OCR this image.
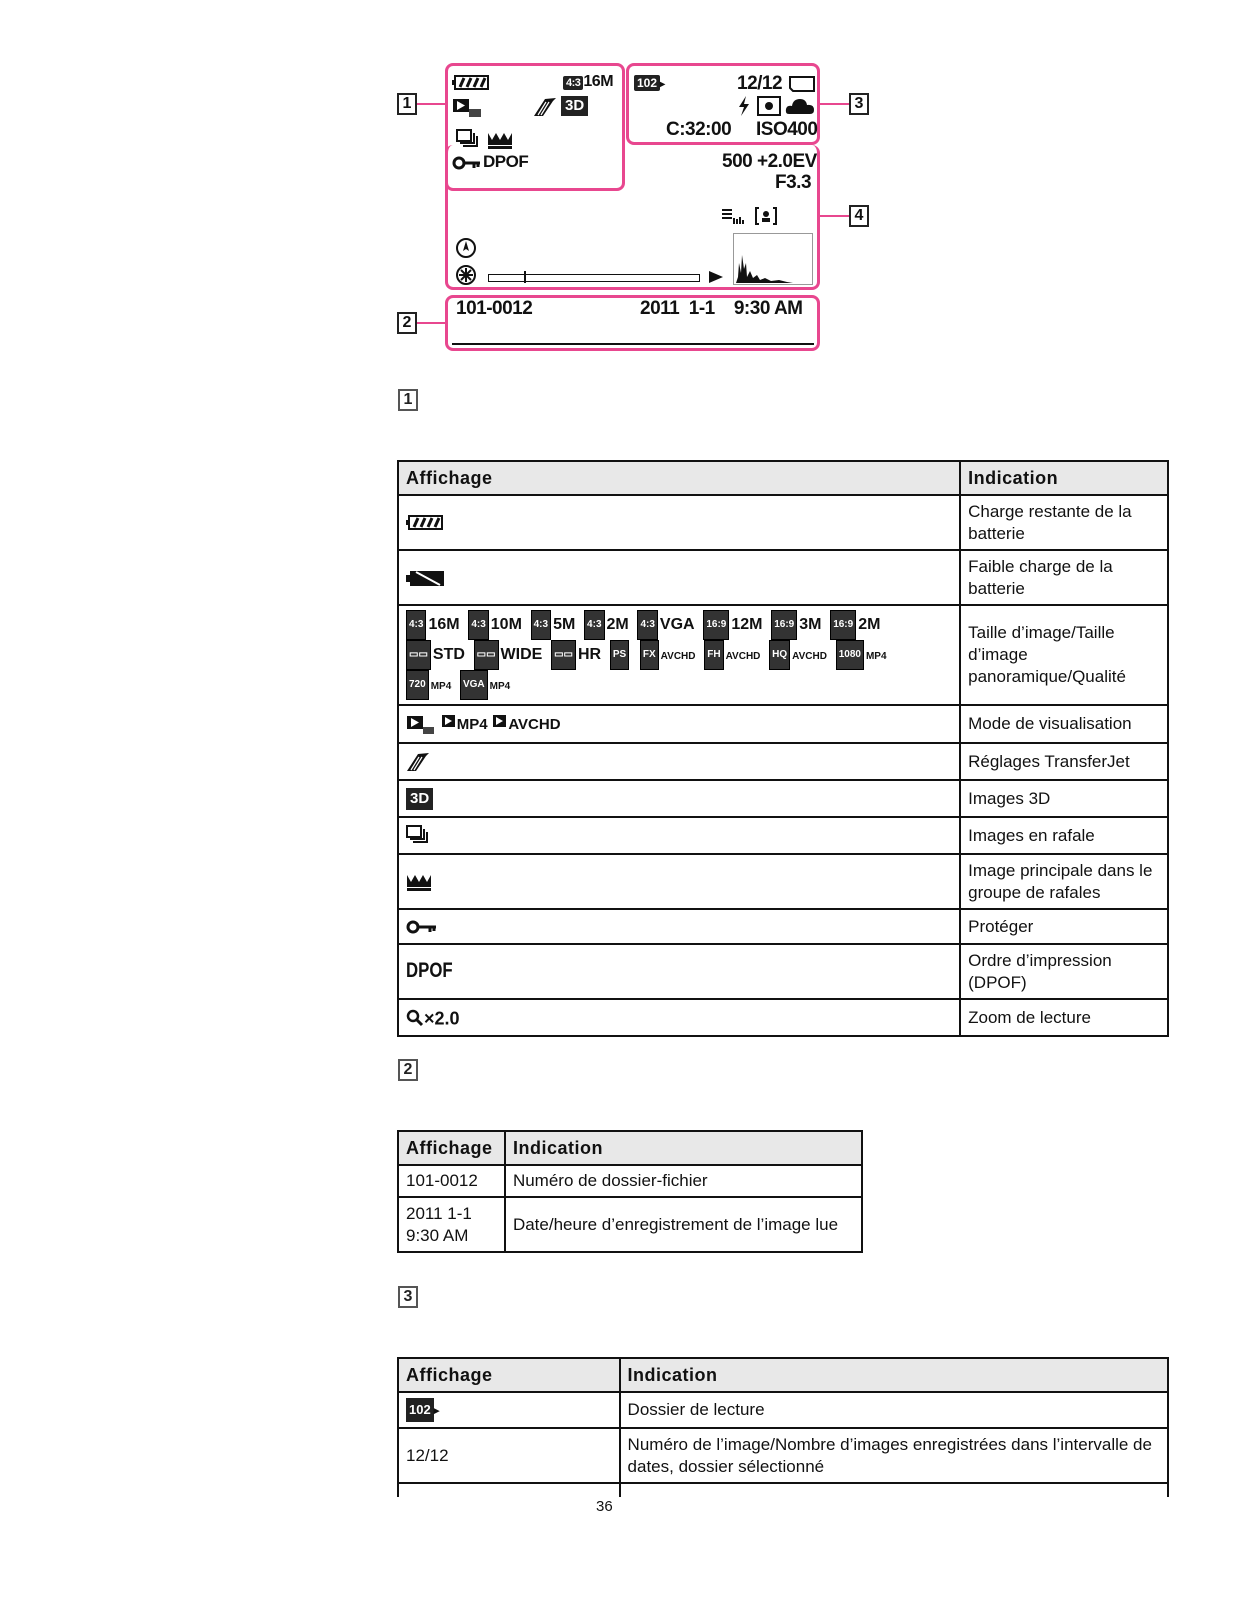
1	3
4
2
4:3 16M
3D
DPOF
102 ▸	12/12
C:32:00 ISO400
500 +2.0EV
F3.3
101-0012	2011  1-1    9:30 AM
1
Affichage	Indication
	Charge restante de la batterie
	Faible charge de la batterie
4:3 16M 4:3 10M 4:3 5M 4:3 2M 4:3 VGA 16:9 12M 16:9 3M 16:9 2M
▭▭ STD ▭▭ WIDE ▭▭ HR PS FX AVCHD FH AVCHD HQ AVCHD 1080 MP4
720 MP4 VGA MP4	Taille d’image/Taille d’image panoramique/Qualité
MP4 AVCHD	Mode de visualisation
	Réglages TransferJet
3D	Images 3D
	Images en rafale
	Image principale dans le groupe de rafales
	Protéger
DPOF	Ordre d’impression (DPOF)
×2.0	Zoom de lecture
2
Affichage	Indication
101-0012	Numéro de dossier-fichier
2011 1-1 9:30 AM	Date/heure d’enregistrement de l’image lue
3
Affichage	Indication
102 ▸	Dossier de lecture
12/12	Numéro de l’image/Nombre d’images enregistrées dans l’intervalle de dates, dossier sélectionné
36
